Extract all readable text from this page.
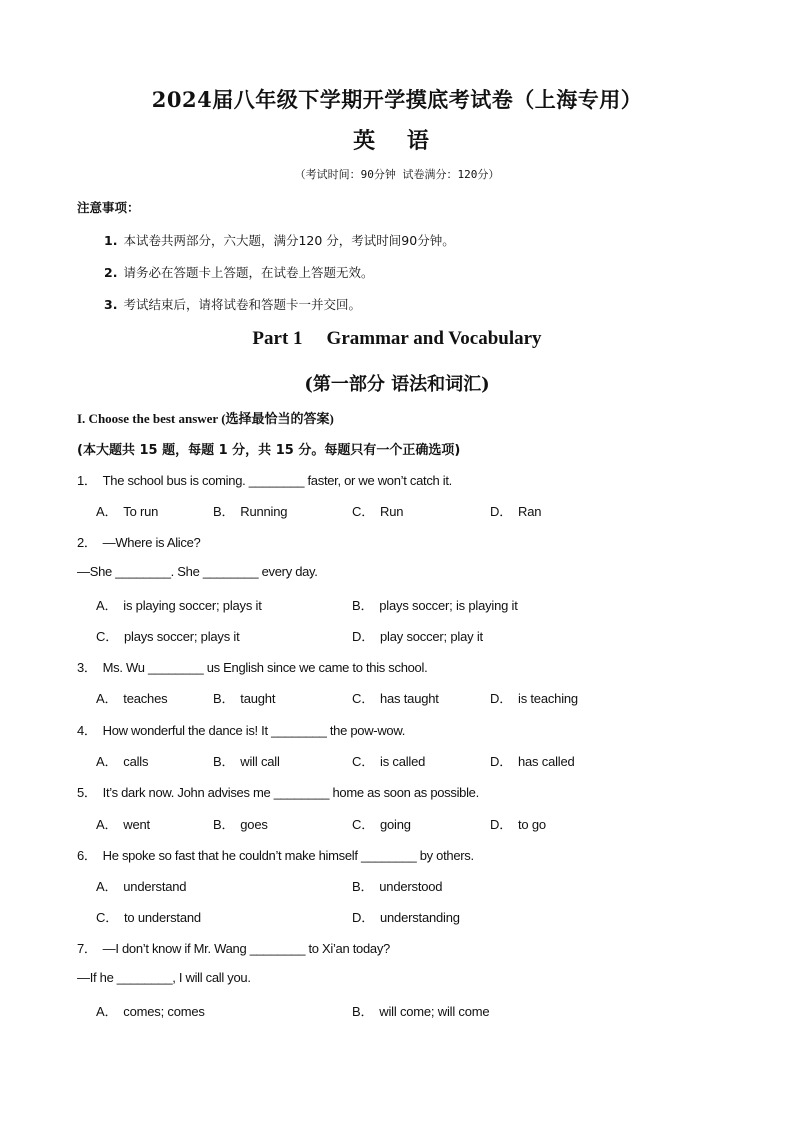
2024届八年级下学期开学摸底考试卷（上海专用）
英 语
（考试时间：90分钟 试卷满分：120分）
注意事项：
1. 本试卷共两部分，六大题，满分120 分，考试时间90分钟。
2. 请务必在答题卡上答题，在试卷上答题无效。
3. 考试结束后，请将试卷和答题卡一并交回。
Part 1 Grammar and Vocabulary
(第一部分 语法和词汇)
I. Choose the best answer (选择最恰当的答案)
(本大题共 15 题，每题 1 分，共 15 分。每题只有一个正确选项)
1． The school bus is coming. ________ faster, or we won’t catch it.
A． To run	B． Running	C． Run	D． Ran
2． —Where is Alice?
—She ________. She ________ every day.
A． is playing soccer; plays it	B． plays soccer; is playing it
C． plays soccer; plays it	D． play soccer; play it
3． Ms. Wu ________ us English since we came to this school.
A． teaches	B． taught	C． has taught	D． is teaching
4． How wonderful the dance is! It ________ the pow-wow.
A． calls	B． will call	C． is called	D． has called
5． It’s dark now. John advises me ________ home as soon as possible.
A． went	B． goes	C． going	D． to go
6． He spoke so fast that he couldn’t make himself ________ by others.
A． understand	B． understood
C． to understand	D． understanding
7． —I don’t know if Mr. Wang ________ to Xi’an today?
—If he ________, I will call you.
A． comes; comes	B． will come; will come
